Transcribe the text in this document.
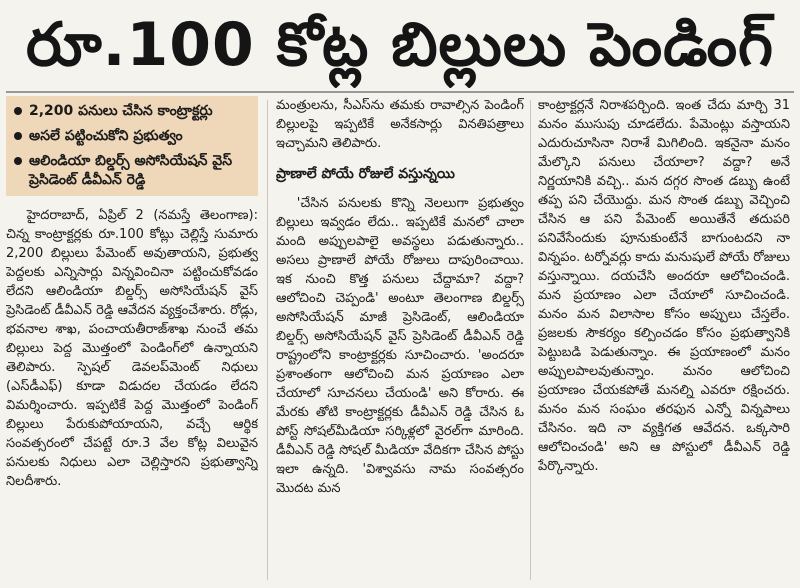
రూ.100 కోట్ల బిల్లులు పెండింగ్
2,200 పనులు చేసిన కాంట్రాక్టర్లు
అసలే పట్టించుకోని ప్రభుత్వం
ఆలిండియా బిల్డర్స్ అసోసియేషన్ వైస్ ప్రెసిడెంట్ డీవీఎన్ రెడ్డి

హైదరాబాద్, ఏప్రిల్ 2 (నమస్తే తెలంగాణ): చిన్న కాంట్రాక్టర్లకు రూ.100 కోట్లు చెల్లిస్తే సుమారు 2,200 బిల్లులు పేమెంట్ అవుతాయని, ప్రభుత్వ పెద్దలకు ఎన్నిసార్లు విన్నవించినా పట్టించుకోవడం లేదని ఆలిండియా బిల్డర్స్ అసోసియేషన్ వైస్ ప్రెసిడెంట్ డీవీఎన్ రెడ్డి ఆవేదన వ్యక్తంచేశారు. రోడ్లు, భవనాల శాఖ, పంచాయతీరాజ్‌శాఖ నుంచే తమ బిల్లులు పెద్ద మొత్తంలో పెండింగ్‌లో ఉన్నాయని తెలిపారు. స్పెషల్ డెవలప్‌మెంట్ నిధులు (ఎస్‌డీఎఫ్) కూడా విడుదల చేయడం లేదని విమర్శించారు. ఇప్పటికే పెద్ద మొత్తంలో పెండింగ్ బిల్లులు పేరుకుపోయాయని, వచ్చే ఆర్థిక సంవత్సరంలో చేపట్టే రూ.3 వేల కోట్ల విలువైన పనులకు నిధులు ఎలా చెల్లిస్తారని ప్రభుత్వాన్ని నిలదీశారు.

మంత్రులను, సీఎస్‌ను తమకు రావాల్సిన పెండింగ్ బిల్లులపై ఇప్పటికే అనేకసార్లు వినతిపత్రాలు ఇచ్చామని తెలిపారు.

ప్రాణాలే పోయే రోజులే వస్తున్నయి

'చేసిన పనులకు కొన్ని నెలలుగా ప్రభుత్వం బిల్లులు ఇవ్వడం లేదు.. ఇప్పటికే మనలో చాలా మంది అప్పులపాలై అవస్థలు పడుతున్నారు.. అసలు ప్రాణాలే పోయే రోజులు దాపురించాయి. ఇక నుంచి కొత్త పనులు చేద్దామా? వద్దా? ఆలోచించి చెప్పండి' అంటూ తెలంగాణ బిల్డర్స్ అసోసియేషన్ మాజీ ప్రెసిడెంట్, ఆలిండియా బిల్డర్స్ అసోసియేషన్ వైస్ ప్రెసిడెంట్ డీవీఎన్ రెడ్డి రాష్ట్రంలోని కాంట్రాక్టర్లకు సూచించారు. 'అందరూ ప్రశాంతంగా ఆలోచించి మన ప్రయాణం ఎలా చేయాలో సూచనలు చేయండి' అని కోరారు. ఈ మేరకు తోటి కాంట్రాక్టర్లకు డీవీఎన్ రెడ్డి చేసిన ఓ పోస్ట్ సోషల్‌మీడియా సర్కిళ్లలో వైరల్‌గా మారింది. డీవీఎన్ రెడ్డి సోషల్ మీడియా వేదికగా చేసిన పోస్టు ఇలా ఉన్నది. 'విశ్వావసు నామ సంవత్సరం మొదట మన

కాంట్రాక్టర్లనే నిరాశపర్చింది. ఇంత చేదు మార్చి 31 మనం ముసుపు చూడలేదు. పేమెంట్లు వస్తాయని ఎదురుచూసినా నిరాశే మిగిలింది. ఇకనైనా మనం మేల్కొని పనులు చేయాలా? వద్దా? అనే నిర్ణయానికి వచ్చి.. మన దగ్గర సొంత డబ్బు ఉంటే తప్ప పని చేయొద్దు. మన సొంత డబ్బు వెచ్చించి చేసిన ఆ పని పేమెంట్ అయితేనే తదుపరి పనివేసేందుకు పూనుకుంటేనే బాగుంటదని నా విన్నపం. టర్నోవర్లు కాదు మనుషులే పోయే రోజులు వస్తున్నాయి. దయచేసి అందరూ ఆలోచించండి. మన ప్రయాణం ఎలా చేయాలో సూచించండి. మనం మన విలాసాల కోసం అప్పులు చేస్తలేం. ప్రజలకు సౌకర్యం కల్పించడం కోసం ప్రభుత్వానికి పెట్టుబడి పెడుతున్నాం. ఈ ప్రయాణంలో మనం అప్పులపాలవుతున్నాం. మనం ఆలోచించి ప్రయాణం చేయకపోతే మనల్ని ఎవరూ రక్షించరు. మనం మన సంఘం తరఫున ఎన్నో విన్నపాలు చేసినం. ఇది నా వ్యక్తిగత ఆవేదన. ఒక్కసారి ఆలోచించండి' అని ఆ పోస్టులో డీవీఎన్ రెడ్డి పేర్కొన్నారు.
